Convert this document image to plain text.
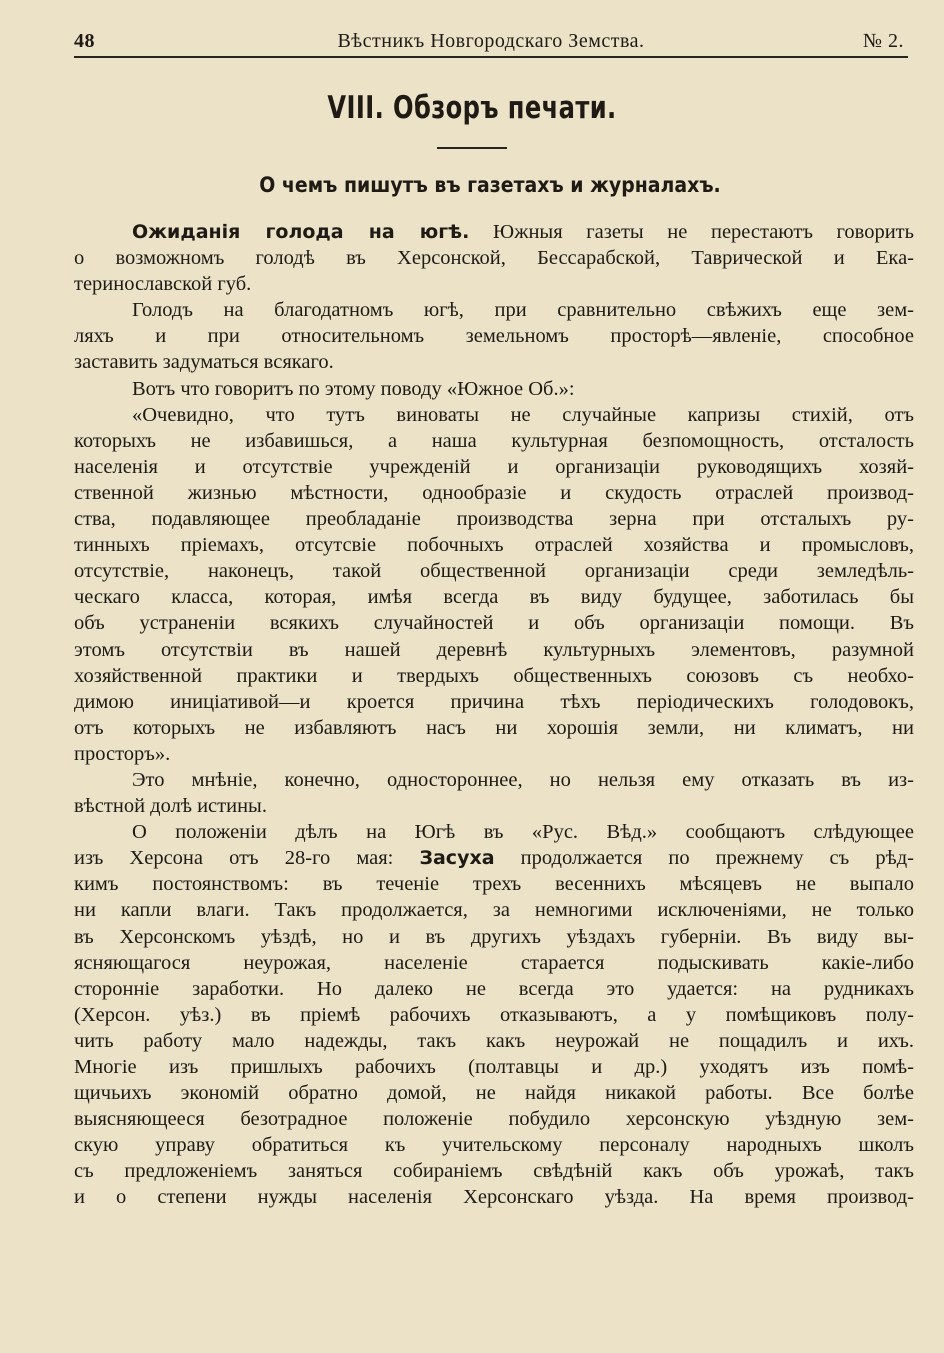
48	Вѣстникъ Новгородскаго Земства.	№ 2.
VIII. Обзоръ печати.
О чемъ пишутъ въ газетахъ и журналахъ.
Ожиданія голода на югѣ. Южныя газеты не перестаютъ говорить
о возможномъ голодѣ въ Херсонской, Бессарабской, Таврической и Ека-
теринославской губ.
Голодъ на благодатномъ югѣ, при сравнительно свѣжихъ еще зем-
ляхъ и при относительномъ земельномъ просторѣ—явленіе, способное
заставить задуматься всякаго.
Вотъ что говоритъ по этому поводу «Южное Об.»:
«Очевидно, что тутъ виноваты не случайные капризы стихій, отъ
которыхъ не избавишься, а наша культурная безпомощность, отсталость
населенія и отсутствіе учрежденій и организаціи руководящихъ хозяй-
ственной жизнью мѣстности, однообразіе и скудость отраслей производ-
ства, подавляющее преобладаніе производства зерна при отсталыхъ ру-
тинныхъ пріемахъ, отсутсвіе побочныхъ отраслей хозяйства и промысловъ,
отсутствіе, наконецъ, такой общественной организаціи среди земледѣль-
ческаго класса, которая, имѣя всегда въ виду будущее, заботилась бы
объ устраненіи всякихъ случайностей и объ организаціи помощи. Въ
этомъ отсутствіи въ нашей деревнѣ культурныхъ элементовъ, разумной
хозяйственной практики и твердыхъ общественныхъ союзовъ съ необхо-
димою иниціативой—и кроется причина тѣхъ періодическихъ голодовокъ,
отъ которыхъ не избавляютъ насъ ни хорошія земли, ни климатъ, ни
просторъ».
Это мнѣніе, конечно, одностороннее, но нельзя ему отказать въ из-
вѣстной долѣ истины.
О положеніи дѣлъ на Югѣ въ «Рус. Вѣд.» сообщаютъ слѣдующее
изъ Херсона отъ 28-го мая: Засуха продолжается по прежнему съ рѣд-
кимъ постоянствомъ: въ теченіе трехъ весеннихъ мѣсяцевъ не выпало
ни капли влаги. Такъ продолжается, за немногими исключеніями, не только
въ Херсонскомъ уѣздѣ, но и въ другихъ уѣздахъ губерніи. Въ виду вы-
ясняющагося неурожая, населеніе старается подыскивать какіе-либо
сторонніе заработки. Но далеко не всегда это удается: на рудникахъ
(Херсон. уѣз.) въ пріемѣ рабочихъ отказываютъ, а у помѣщиковъ полу-
чить работу мало надежды, такъ какъ неурожай не пощадилъ и ихъ.
Многіе изъ пришлыхъ рабочихъ (полтавцы и др.) уходятъ изъ помѣ-
щичьихъ экономій обратно домой, не найдя никакой работы. Все болѣе
выясняющееся безотрадное положеніе побудило херсонскую уѣздную зем-
скую управу обратиться къ учительскому персоналу народныхъ школъ
съ предложеніемъ заняться собираніемъ свѣдѣній какъ объ урожаѣ, такъ
и о степени нужды населенія Херсонскаго уѣзда. На время производ-
